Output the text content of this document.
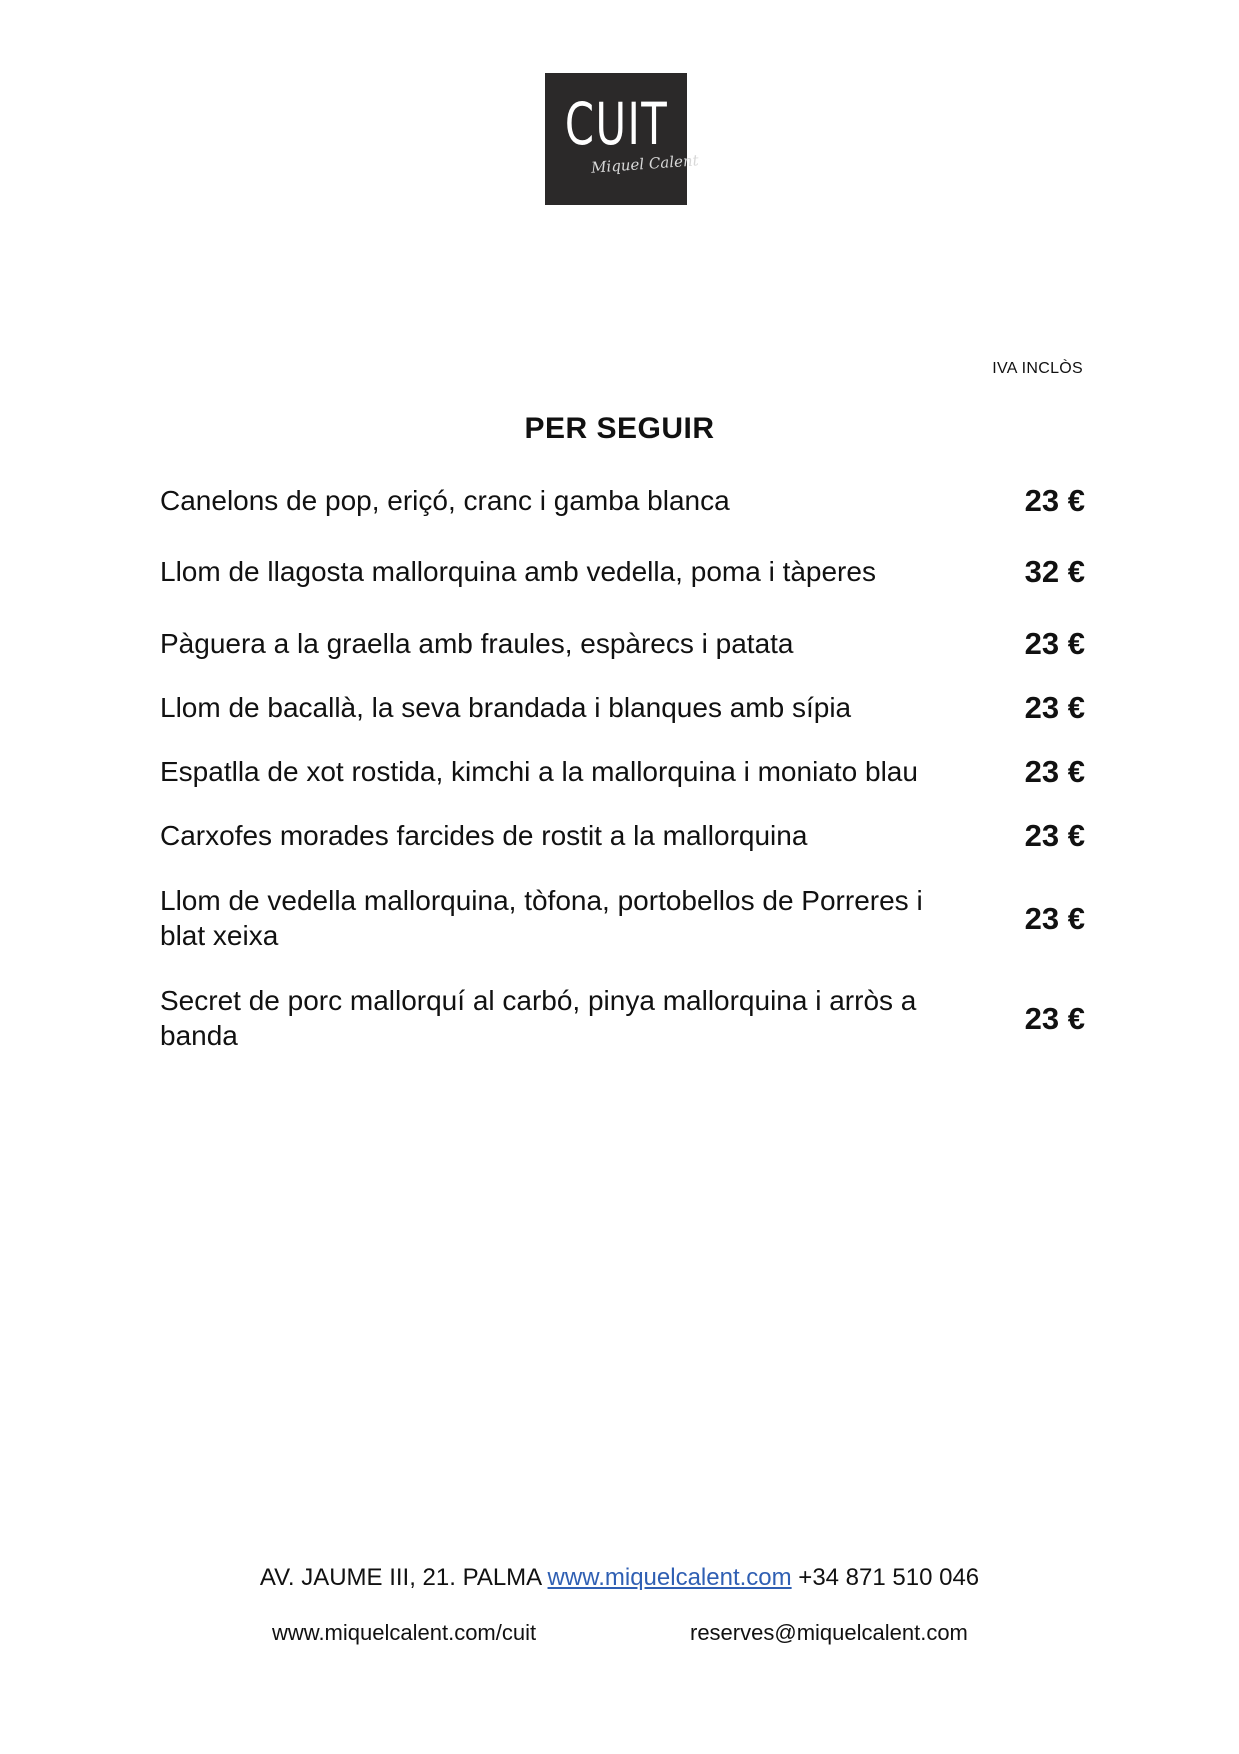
CUIT
Miquel Calent
IVA INCLÒS
PER SEGUIR
Canelons de pop, eriçó, cranc i gamba blanca	23 €
Llom de llagosta mallorquina amb vedella, poma i tàperes	32 €
Pàguera a la graella amb fraules, espàrecs i patata	23 €
Llom de bacallà, la seva brandada i blanques amb sípia	23 €
Espatlla de xot rostida, kimchi a la mallorquina i moniato blau	23 €
Carxofes morades farcides de rostit a la mallorquina	23 €
Llom de vedella mallorquina, tòfona, portobellos de Porreres i blat xeixa	23 €
Secret de porc mallorquí al carbó, pinya mallorquina i arròs a banda	23 €
AV. JAUME III, 21. PALMA www.miquelcalent.com +34 871 510 046
www.miquelcalent.com/cuit	reserves@miquelcalent.com
